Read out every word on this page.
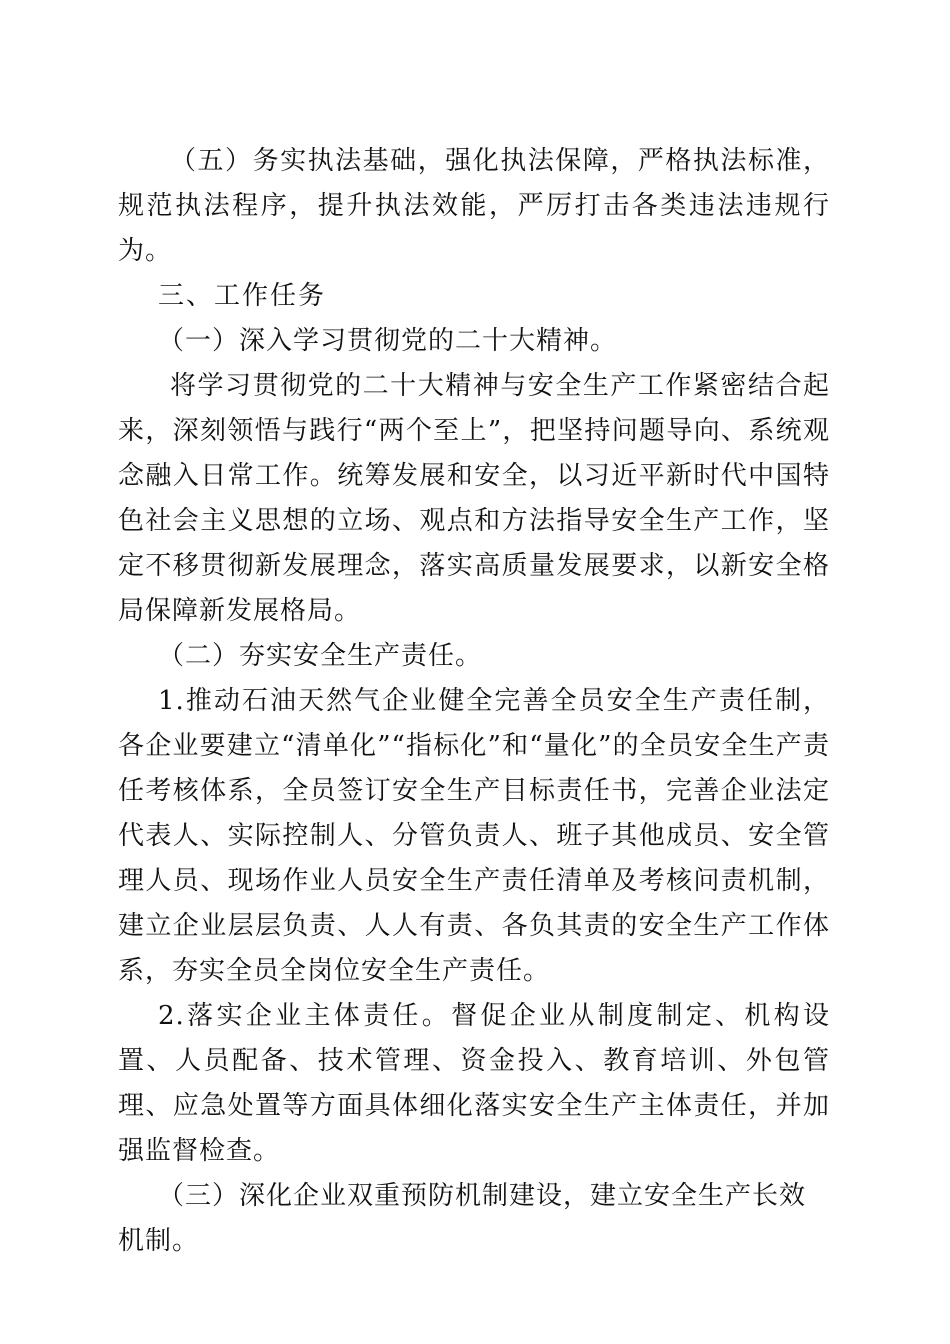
（五）务实执法基础，强化执法保障，严格执法标准，规范执法程序，提升执法效能，严厉打击各类违法违规行为。

三、工作任务

（一）深入学习贯彻党的二十大精神。

将学习贯彻党的二十大精神与安全生产工作紧密结合起来，深刻领悟与践行“两个至上”，把坚持问题导向、系统观念融入日常工作。统筹发展和安全，以习近平新时代中国特色社会主义思想的立场、观点和方法指导安全生产工作，坚定不移贯彻新发展理念，落实高质量发展要求，以新安全格局保障新发展格局。

（二）夯实安全生产责任。

1.推动石油天然气企业健全完善全员安全生产责任制，各企业要建立“清单化”“指标化”和“量化”的全员安全生产责任考核体系，全员签订安全生产目标责任书，完善企业法定代表人、实际控制人、分管负责人、班子其他成员、安全管理人员、现场作业人员安全生产责任清单及考核问责机制，建立企业层层负责、人人有责、各负其责的安全生产工作体系，夯实全员全岗位安全生产责任。

2.落实企业主体责任。督促企业从制度制定、机构设置、人员配备、技术管理、资金投入、教育培训、外包管理、应急处置等方面具体细化落实安全生产主体责任，并加强监督检查。

（三）深化企业双重预防机制建设，建立安全生产长效机制。
